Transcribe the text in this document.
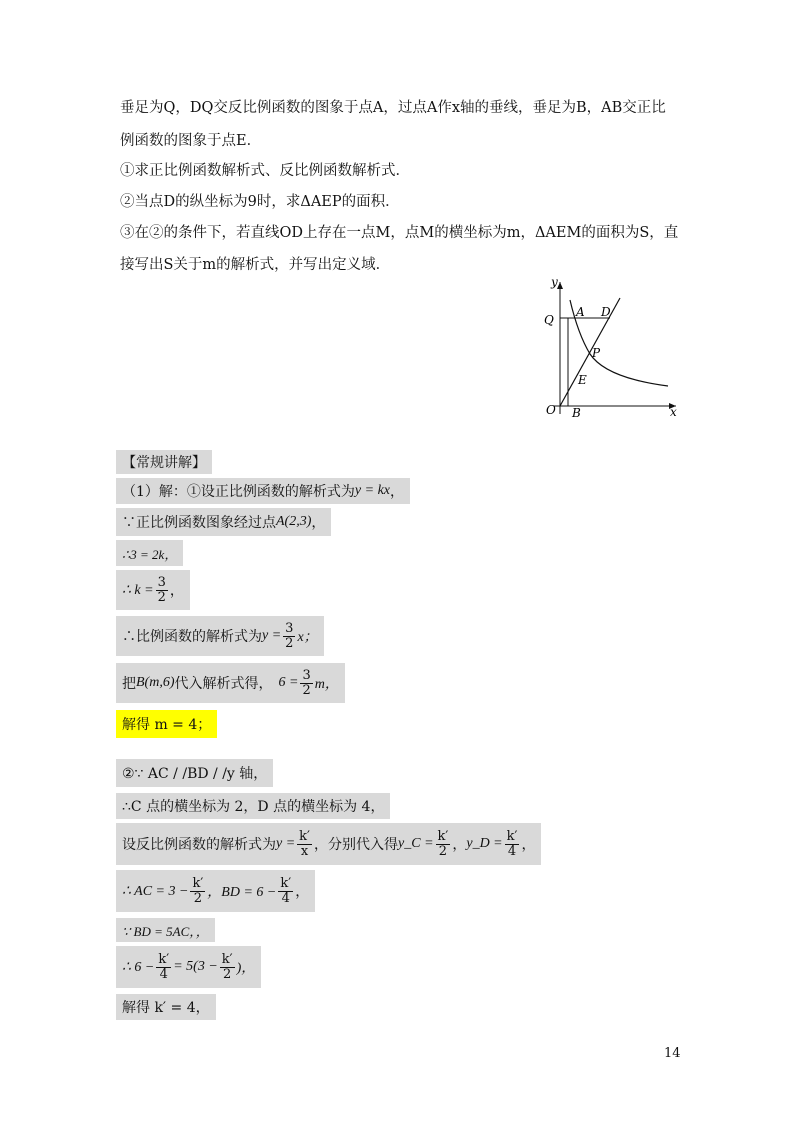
垂足为Q，DQ交反比例函数的图象于点A，过点A作x轴的垂线，垂足为B，AB交正比
例函数的图象于点E．
①求正比例函数解析式、反比例函数解析式．
②当点D的纵坐标为9时，求ΔAEP的面积．
③在②的条件下，若直线OD上存在一点M，点M的横坐标为m，ΔAEM的面积为S，直
接写出S关于m的解析式，并写出定义域．
y
x
Q
A D
P
E
O B
【常规讲解】
（1）解：①设正比例函数的解析式为 y = kx ，
∵正比例函数图象经过点 A(2,3) ，
∴3 = 2k，
∴ $k = \frac{3}{2}$ ，
∴比例函数的解析式为 $y = \frac{3}{2}$ x；
把 B(m,6) 代入解析式得， $6 = \frac{3}{2}$ m，
解得 m = 4；
②∵ AC / /BD / /y 轴，
∴C 点的横坐标为 2，D 点的横坐标为 4，
设反比例函数的解析式为 $y = \frac{k'}{x}$ ，分别代入得 y_C = $\frac{k'}{2}$ ， y_D = $\frac{k'}{4}$ ，
∴ AC = $3 - \frac{k'}{2}$ ，BD = $6 - \frac{k'}{4}$ ，
∵ BD = 5AC，，
∴ $6 - \frac{k'}{4} = 5(3 - \frac{k'}{2}$ )，
解得 k′ = 4，
14
